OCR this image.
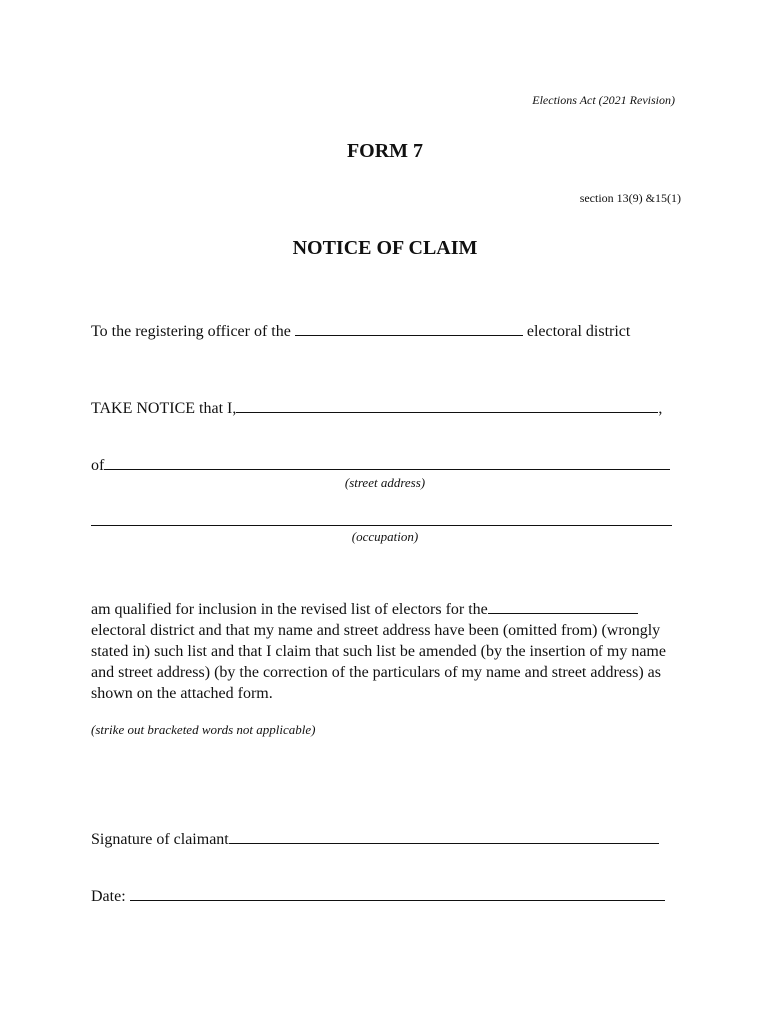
Elections Act (2021 Revision)
FORM 7
section 13(9) &15(1)
NOTICE OF CLAIM
To the registering officer of the	electoral district
TAKE NOTICE that I,	,
of
(street address)
(occupation)
am qualified for inclusion in the revised list of electors for the electoral district and that my name and street address have been (omitted from) (wrongly stated in) such list and that I claim that such list be amended (by the insertion of my name and street address) (by the correction of the particulars of my name and street address) as shown on the attached form.
(strike out bracketed words not applicable)
Signature of claimant
Date:
